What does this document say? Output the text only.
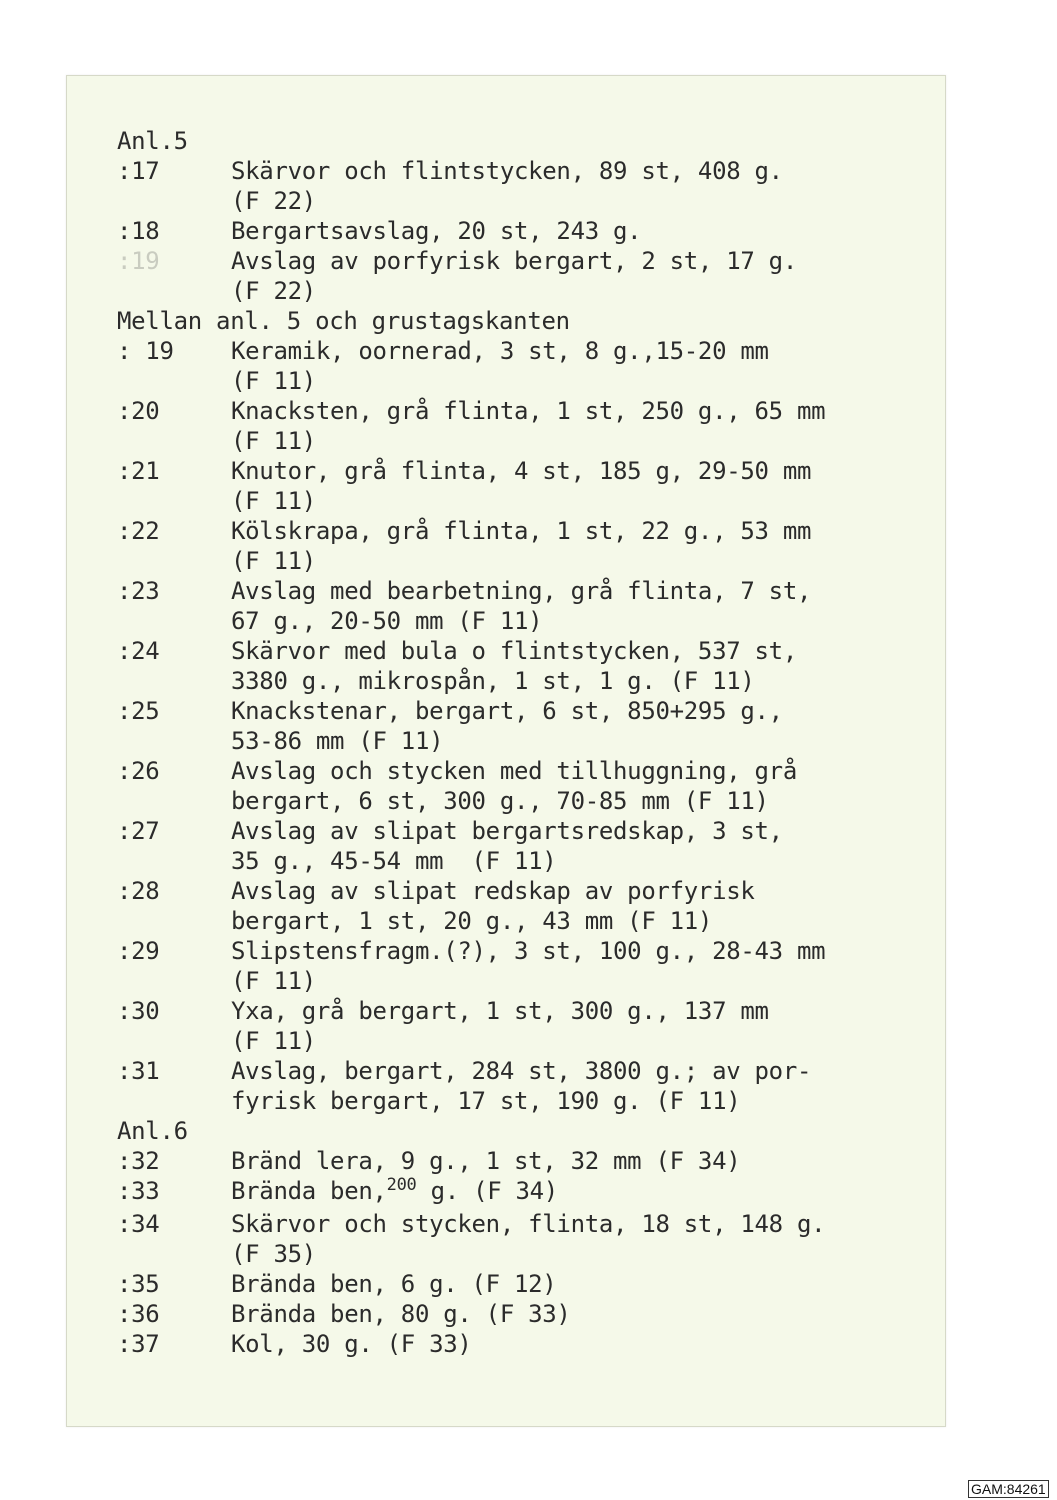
Anl.5
:17	Skärvor och flintstycken, 89 st, 408 g.
(F 22)
:18	Bergartsavslag, 20 st, 243 g.
:19	Avslag av porfyrisk bergart, 2 st, 17 g.
(F 22)
Mellan anl. 5 och grustagskanten
: 19	Keramik, oornerad, 3 st, 8 g.,15-20 mm
(F 11)
:20	Knacksten, grå flinta, 1 st, 250 g., 65 mm
(F 11)
:21	Knutor, grå flinta, 4 st, 185 g, 29-50 mm
(F 11)
:22	Kölskrapa, grå flinta, 1 st, 22 g., 53 mm
(F 11)
:23	Avslag med bearbetning, grå flinta, 7 st,
67 g., 20-50 mm (F 11)
:24	Skärvor med bula o flintstycken, 537 st,
3380 g., mikrospån, 1 st, 1 g. (F 11)
:25	Knackstenar, bergart, 6 st, 850+295 g.,
53-86 mm (F 11)
:26	Avslag och stycken med tillhuggning, grå
bergart, 6 st, 300 g., 70-85 mm (F 11)
:27	Avslag av slipat bergartsredskap, 3 st,
35 g., 45-54 mm  (F 11)
:28	Avslag av slipat redskap av porfyrisk
bergart, 1 st, 20 g., 43 mm (F 11)
:29	Slipstensfragm.(?), 3 st, 100 g., 28-43 mm
(F 11)
:30	Yxa, grå bergart, 1 st, 300 g., 137 mm
(F 11)
:31	Avslag, bergart, 284 st, 3800 g.; av por-
fyrisk bergart, 17 st, 190 g. (F 11)
Anl.6
:32	Bränd lera, 9 g., 1 st, 32 mm (F 34)
:33	Brända ben,$^{200}$ g. (F 34)
:34	Skärvor och stycken, flinta, 18 st, 148 g.
(F 35)
:35	Brända ben, 6 g. (F 12)
:36	Brända ben, 80 g. (F 33)
:37	Kol, 30 g. (F 33)
GAM:84261
